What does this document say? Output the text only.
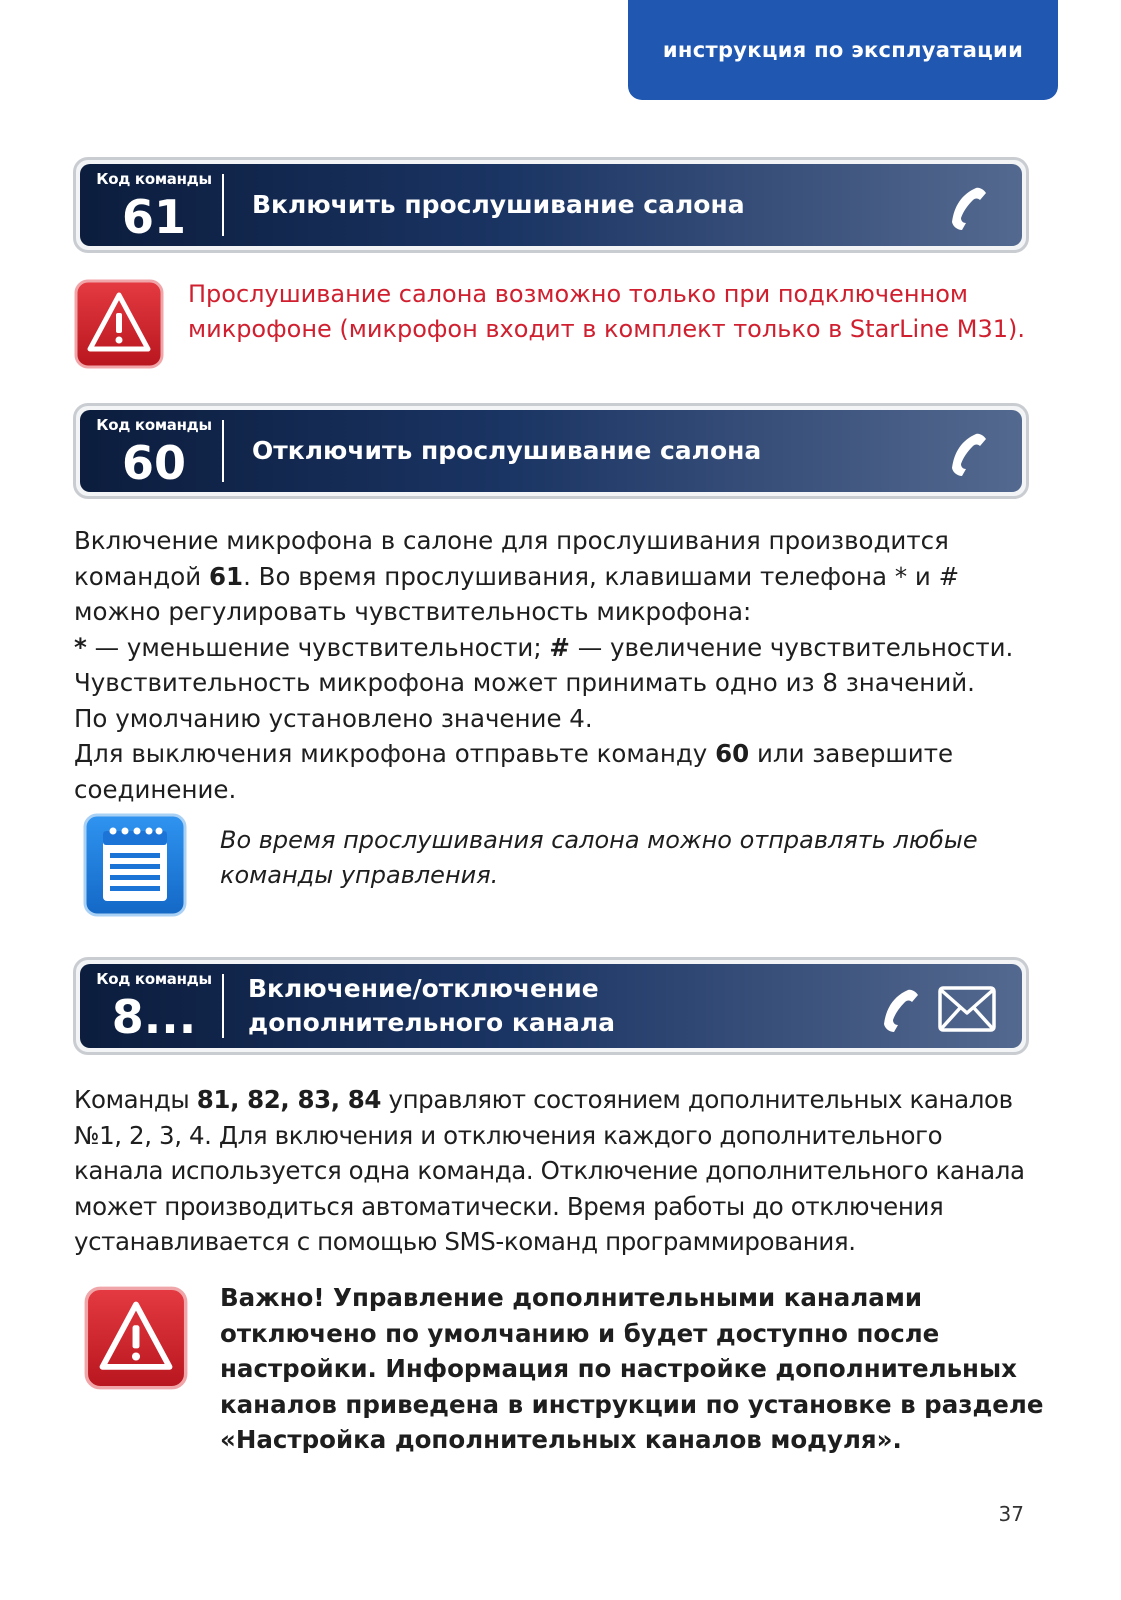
инструкция по эксплуатации
Код команды
61	Включить прослушивание салона
Прослушивание салона возможно только при подключенном микрофоне (микрофон входит в комплект только в StarLine M31).
Код команды
60	Отключить прослушивание салона
Включение микрофона в салоне для прослушивания производится
командой 61. Во время прослушивания, клавишами телефона * и #
можно регулировать чувствительность микрофона:
* — уменьшение чувствительности; # — увеличение чувствительности.
Чувствительность микрофона может принимать одно из 8 значений.
По умолчанию установлено значение 4.
Для выключения микрофона отправьте команду 60 или завершите
соединение.
Во время прослушивания салона можно отправлять любые команды управления.
Код команды
8...
Включение/отключение дополнительного канала
Команды 81, 82, 83, 84 управляют состоянием дополнительных каналов
№1, 2, 3, 4. Для включения и отключения каждого дополнительного
канала используется одна команда. Отключение дополнительного канала
может производиться автоматически. Время работы до отключения
устанавливается с помощью SMS-команд программирования.
Важно! Управление дополнительными каналами отключено по умолчанию и будет доступно после настройки. Информация по настройке дополнительных каналов приведена в инструкции по установке в разделе «Настройка дополнительных каналов модуля».
37
